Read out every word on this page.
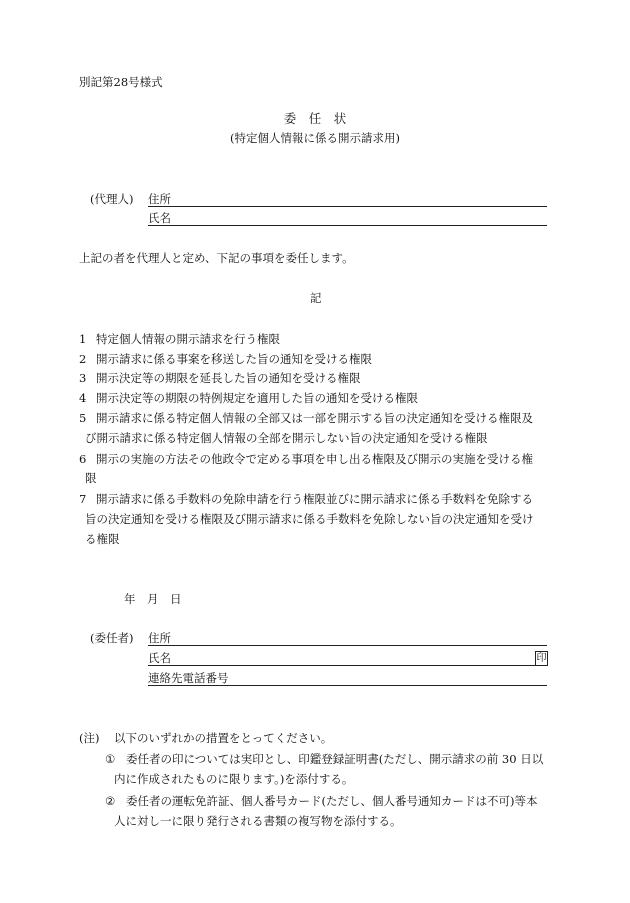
別記第28号様式
委　任　状
(特定個人情報に係る開示請求用)
(代理人) 住所
氏名
上記の者を代理人と定め、下記の事項を委任します。
記
1 特定個人情報の開示請求を行う権限
2 開示請求に係る事案を移送した旨の通知を受ける権限
3 開示決定等の期限を延長した旨の通知を受ける権限
4 開示決定等の期限の特例規定を適用した旨の通知を受ける権限
5 開示請求に係る特定個人情報の全部又は一部を開示する旨の決定通知を受ける権限及
び開示請求に係る特定個人情報の全部を開示しない旨の決定通知を受ける権限
6 開示の実施の方法その他政令で定める事項を申し出る権限及び開示の実施を受ける権
限
7 開示請求に係る手数料の免除申請を行う権限並びに開示請求に係る手数料を免除する
旨の決定通知を受ける権限及び開示請求に係る手数料を免除しない旨の決定通知を受け
る権限
年　月　日
(委任者) 住所
氏名	印
連絡先電話番号
(注) 以下のいずれかの措置をとってください。
① 委任者の印については実印とし、印鑑登録証明書(ただし、開示請求の前 30 日以
内に作成されたものに限ります。)を添付する。
② 委任者の運転免許証、個人番号カード(ただし、個人番号通知カードは不可)等本
人に対し一に限り発行される書類の複写物を添付する。
